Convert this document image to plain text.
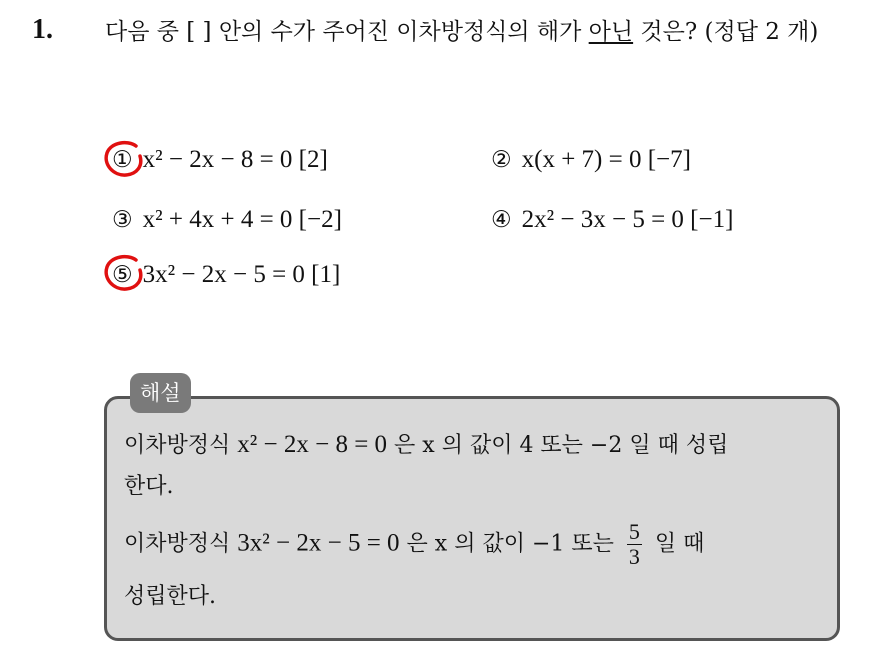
1. 다음 중 [ ] 안의 수가 주어진 이차방정식의 해가 아닌 것은? (정답 2 개)
① x² − 2x − 8 = 0 [2]	② x(x + 7) = 0 [−7]
③ x² + 4x + 4 = 0 [−2]	④ 2x² − 3x − 5 = 0 [−1]
⑤ 3x² − 2x − 5 = 0 [1]
해설
이차방정식 x² − 2x − 8 = 0 은 x 의 값이 4 또는 −2 일 때 성립
한다.
이차방정식 3x² − 2x − 5 = 0 은 x 의 값이 −1 또는 $\frac{5}{3}$ 일 때
성립한다.
